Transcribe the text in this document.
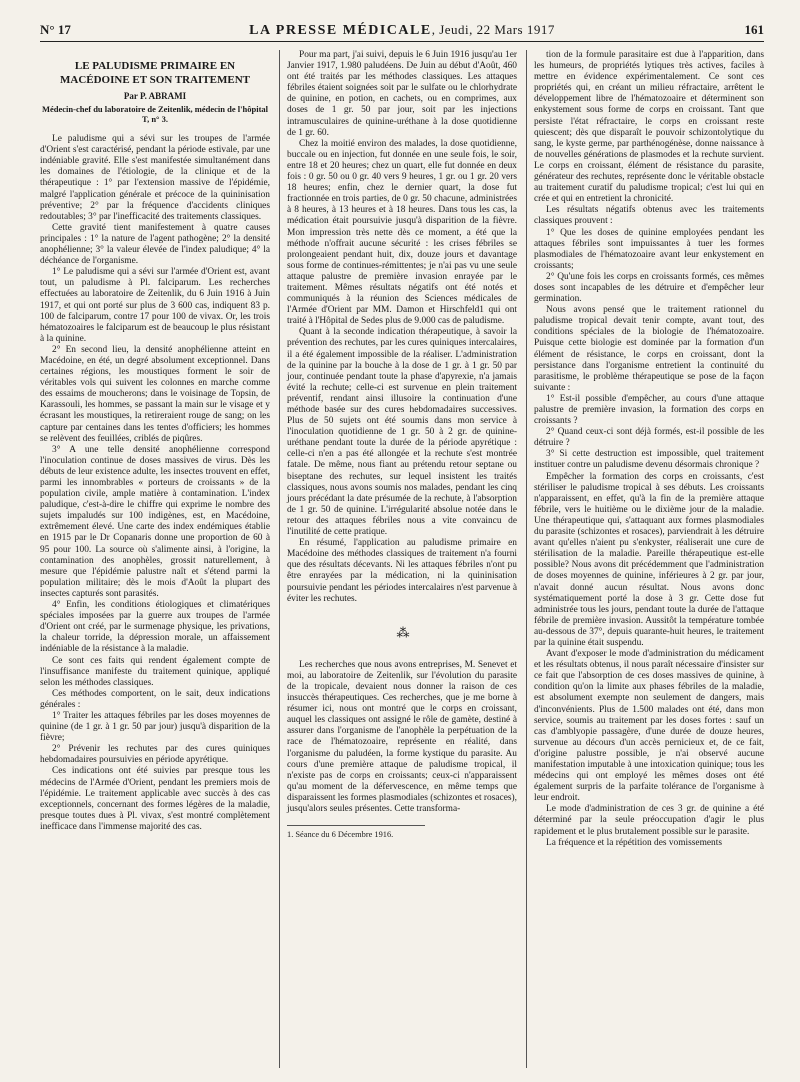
N° 17	LA PRESSE MÉDICALE, Jeudi, 22 Mars 1917	161
LE PALUDISME PRIMAIRE EN MACÉDOINE ET SON TRAITEMENT
Par P. ABRAMI
Médecin-chef du laboratoire de Zeitenlik, médecin de l'hôpital T, n° 3.

Le paludisme qui a sévi sur les troupes de l'armée d'Orient s'est caractérisé, pendant la période estivale, par une indéniable gravité. Elle s'est manifestée simultanément dans les domaines de l'étiologie, de la clinique et de la thérapeutique : 1° par l'extension massive de l'épidémie, malgré l'application générale et précoce de la quininisation préventive; 2° par la fréquence d'accidents cliniques redoutables; 3° par l'inefficacité des traitements classiques.

Cette gravité tient manifestement à quatre causes principales : 1° la nature de l'agent pathogène; 2° la densité anophélienne; 3° la valeur élevée de l'index paludique; 4° la déchéance de l'organisme.

1° Le paludisme qui a sévi sur l'armée d'Orient est, avant tout, un paludisme à Pl. falciparum. Les recherches effectuées au laboratoire de Zeitenlik, du 6 Juin 1916 à Juin 1917, et qui ont porté sur plus de 3 600 cas, indiquent 83 p. 100 de falciparum, contre 17 pour 100 de vivax. Or, les trois hématozoaires le falciparum est de beaucoup le plus résistant à la quinine.

2° En second lieu, la densité anophélienne atteint en Macédoine, en été, un degré absolument exceptionnel. Dans certaines régions, les moustiques forment le soir de véritables vols qui suivent les colonnes en marche comme des essaims de moucherons; dans le voisinage de Topsin, de Karassouli, les hommes, se passant la main sur le visage et y écrasant les moustiques, la retireraient rouge de sang; on les capture par centaines dans les tentes d'officiers; les hommes se relèvent des feuillées, criblés de piqûres.

3° A une telle densité anophélienne correspond l'inoculation continue de doses massives de virus. Dès les débuts de leur existence adulte, les insectes trouvent en effet, parmi les innombrables « porteurs de croissants » de la population civile, ample matière à contamination. L'index paludique, c'est-à-dire le chiffre qui exprime le nombre des sujets impaludés sur 100 indigènes, est, en Macédoine, extrêmement élevé. Une carte des index endémiques établie en 1915 par le Dr Copanaris donne une proportion de 60 à 95 pour 100. La source où s'alimente ainsi, à l'origine, la contamination des anophèles, grossit naturellement, à mesure que l'épidémie palustre naît et s'étend parmi la population militaire; dès le mois d'Août la plupart des insectes capturés sont parasités.

4° Enfin, les conditions étiologiques et climatériques spéciales imposées par la guerre aux troupes de l'armée d'Orient ont créé, par le surmenage physique, les privations, la chaleur torride, la dépression morale, un affaissement indéniable de la résistance à la maladie.

Ce sont ces faits qui rendent également compte de l'insuffisance manifeste du traitement quinique, appliqué selon les méthodes classiques.

Ces méthodes comportent, on le sait, deux indications générales :

1° Traiter les attaques fébriles par les doses moyennes de quinine (de 1 gr. à 1 gr. 50 par jour) jusqu'à disparition de la fièvre;

2° Prévenir les rechutes par des cures quiniques hebdomadaires poursuivies en période apyrétique.

Ces indications ont été suivies par presque tous les médecins de l'Armée d'Orient, pendant les premiers mois de l'épidémie. Le traitement applicable avec succès à des cas exceptionnels, concernant des formes légères de la maladie, presque toutes dues à Pl. vivax, s'est montré complètement inefficace dans l'immense majorité des cas.

Pour ma part, j'ai suivi, depuis le 6 Juin 1916 jusqu'au 1er Janvier 1917, 1.980 paludéens. De Juin au début d'Août, 460 ont été traités par les méthodes classiques. Les attaques fébriles étaient soignées soit par le sulfate ou le chlorhydrate de quinine, en potion, en cachets, ou en comprimes, aux doses de 1 gr. 50 par jour, soit par les injections intramusculaires de quinine-uréthane à la dose quotidienne de 1 gr. 60.

Chez la moitié environ des malades, la dose quotidienne, buccale ou en injection, fut donnée en une seule fois, le soir, entre 18 et 20 heures; chez un quart, elle fut donnée en deux fois : 0 gr. 50 ou 0 gr. 40 vers 9 heures, 1 gr. ou 1 gr. 20 vers 18 heures; enfin, chez le dernier quart, la dose fut fractionnée en trois parties, de 0 gr. 50 chacune, administrées à 8 heures, à 13 heures et à 18 heures. Dans tous les cas, la médication était poursuivie jusqu'à disparition de la fièvre. Mon impression très nette dès ce moment, a été que la méthode n'offrait aucune sécurité : les crises fébriles se prolongeaient pendant huit, dix, douze jours et davantage sous forme de continues-rémittentes; je n'ai pas vu une seule attaque palustre de première invasion enrayée par le traitement. Mêmes résultats négatifs ont été notés et communiqués à la réunion des Sciences médicales de l'Armée d'Orient par MM. Damon et Hirschfeld1 qui ont traité à l'Hôpital de Sedes plus de 9.000 cas de paludisme.

Quant à la seconde indication thérapeutique, à savoir la prévention des rechutes, par les cures quiniques intercalaires, il a été également impossible de la réaliser. L'administration de la quinine par la bouche à la dose de 1 gr. à 1 gr. 50 par jour, continuée pendant toute la phase d'apyrexie, n'a jamais évité la rechute; celle-ci est survenue en plein traitement préventif, rendant ainsi illusoire la continuation d'une méthode basée sur des cures hebdomadaires successives. Plus de 50 sujets ont été soumis dans mon service à l'inoculation quotidienne de 1 gr. 50 à 2 gr. de quinine-uréthane pendant toute la durée de la période apyrétique : celle-ci n'en a pas été allongée et la rechute s'est montrée fatale. De même, nous fiant au prétendu retour septane ou biseptane des rechutes, sur lequel insistent les traités classiques, nous avons soumis nos malades, pendant les cinq jours précédant la date présumée de la rechute, à l'absorption de 1 gr. 50 de quinine. L'irrégularité absolue notée dans le retour des attaques fébriles nous a vite convaincu de l'inutilité de cette pratique.

En résumé, l'application au paludisme primaire en Macédoine des méthodes classiques de traitement n'a fourni que des résultats décevants. Ni les attaques fébriles n'ont pu être enrayées par la médication, ni la quininisation poursuivie pendant les périodes intercalaires n'est parvenue à éviter les rechutes.

⁂

Les recherches que nous avons entreprises, M. Senevet et moi, au laboratoire de Zeitenlik, sur l'évolution du parasite de la tropicale, devaient nous donner la raison de ces insuccès thérapeutiques. Ces recherches, que je me borne à résumer ici, nous ont montré que le corps en croissant, auquel les classiques ont assigné le rôle de gamète, destiné à assurer dans l'organisme de l'anophèle la perpétuation de la race de l'hématozoaire, représente en réalité, dans l'organisme du paludéen, la forme kystique du parasite. Au cours d'une première attaque de paludisme tropical, il n'existe pas de corps en croissants; ceux-ci n'apparaissent qu'au moment de la défervescence, en même temps que disparaissent les formes plasmodiales (schizontes et rosaces), jusqu'alors seules présentes. Cette transforma-

1. Séance du 6 Décembre 1916.

tion de la formule parasitaire est due à l'apparition, dans les humeurs, de propriétés lytiques très actives, faciles à mettre en évidence expérimentalement. Ce sont ces propriétés qui, en créant un milieu réfractaire, arrêtent le développement libre de l'hématozoaire et déterminent son enkystement sous forme de corps en croissant. Tant que persiste l'état réfractaire, le corps en croissant reste quiescent; dès que disparaît le pouvoir schizontolytique du sang, le kyste germe, par parthénogénèse, donne naissance à de nouvelles générations de plasmodes et la rechute survient. Le corps en croissant, élément de résistance du parasite, générateur des rechutes, représente donc le véritable obstacle au traitement curatif du paludisme tropical; c'est lui qui en crée et qui en entretient la chronicité.

Les résultats négatifs obtenus avec les traitements classiques prouvent :

1° Que les doses de quinine employées pendant les attaques fébriles sont impuissantes à tuer les formes plasmodiales de l'hématozoaire avant leur enkystement en croissants;

2° Qu'une fois les corps en croissants formés, ces mêmes doses sont incapables de les détruire et d'empêcher leur germination.

Nous avons pensé que le traitement rationnel du paludisme tropical devait tenir compte, avant tout, des conditions spéciales de la biologie de l'hématozoaire. Puisque cette biologie est dominée par la formation d'un élément de résistance, le corps en croissant, dont la persistance dans l'organisme entretient la continuité du parasitisme, le problème thérapeutique se pose de la façon suivante :

1° Est-il possible d'empêcher, au cours d'une attaque palustre de première invasion, la formation des corps en croissants ?

2° Quand ceux-ci sont déjà formés, est-il possible de les détruire ?

3° Si cette destruction est impossible, quel traitement instituer contre un paludisme devenu désormais chronique ?

Empêcher la formation des corps en croissants, c'est stériliser le paludisme tropical à ses débuts. Les croissants n'apparaissent, en effet, qu'à la fin de la première attaque fébrile, vers le huitième ou le dixième jour de la maladie. Une thérapeutique qui, s'attaquant aux formes plasmodiales du parasite (schizontes et rosaces), parviendrait à les détruire avant qu'elles n'aient pu s'enkyster, réaliserait une cure de stérilisation de la maladie. Pareille thérapeutique est-elle possible? Nous avons dit précédemment que l'administration de doses moyennes de quinine, inférieures à 2 gr. par jour, n'avait donné aucun résultat. Nous avons donc systématiquement porté la dose à 3 gr. Cette dose fut administrée tous les jours, pendant toute la durée de l'attaque fébrile de première invasion. Aussitôt la température tombée au-dessous de 37°, depuis quarante-huit heures, le traitement par la quinine était suspendu.

Avant d'exposer le mode d'administration du médicament et les résultats obtenus, il nous paraît nécessaire d'insister sur ce fait que l'absorption de ces doses massives de quinine, à condition qu'on la limite aux phases fébriles de la maladie, est absolument exempte non seulement de dangers, mais d'inconvénients. Plus de 1.500 malades ont été, dans mon service, soumis au traitement par les doses fortes : sauf un cas d'amblyopie passagère, d'une durée de douze heures, survenue au décours d'un accès pernicieux et, de ce fait, d'origine palustre possible, je n'ai observé aucune manifestation imputable à une intoxication quinique; tous les médecins qui ont employé les mêmes doses ont été également surpris de la parfaite tolérance de l'organisme à leur endroit.

Le mode d'administration de ces 3 gr. de quinine a été déterminé par la seule préoccupation d'agir le plus rapidement et le plus brutalement possible sur le parasite.

La fréquence et la répétition des vomissements
